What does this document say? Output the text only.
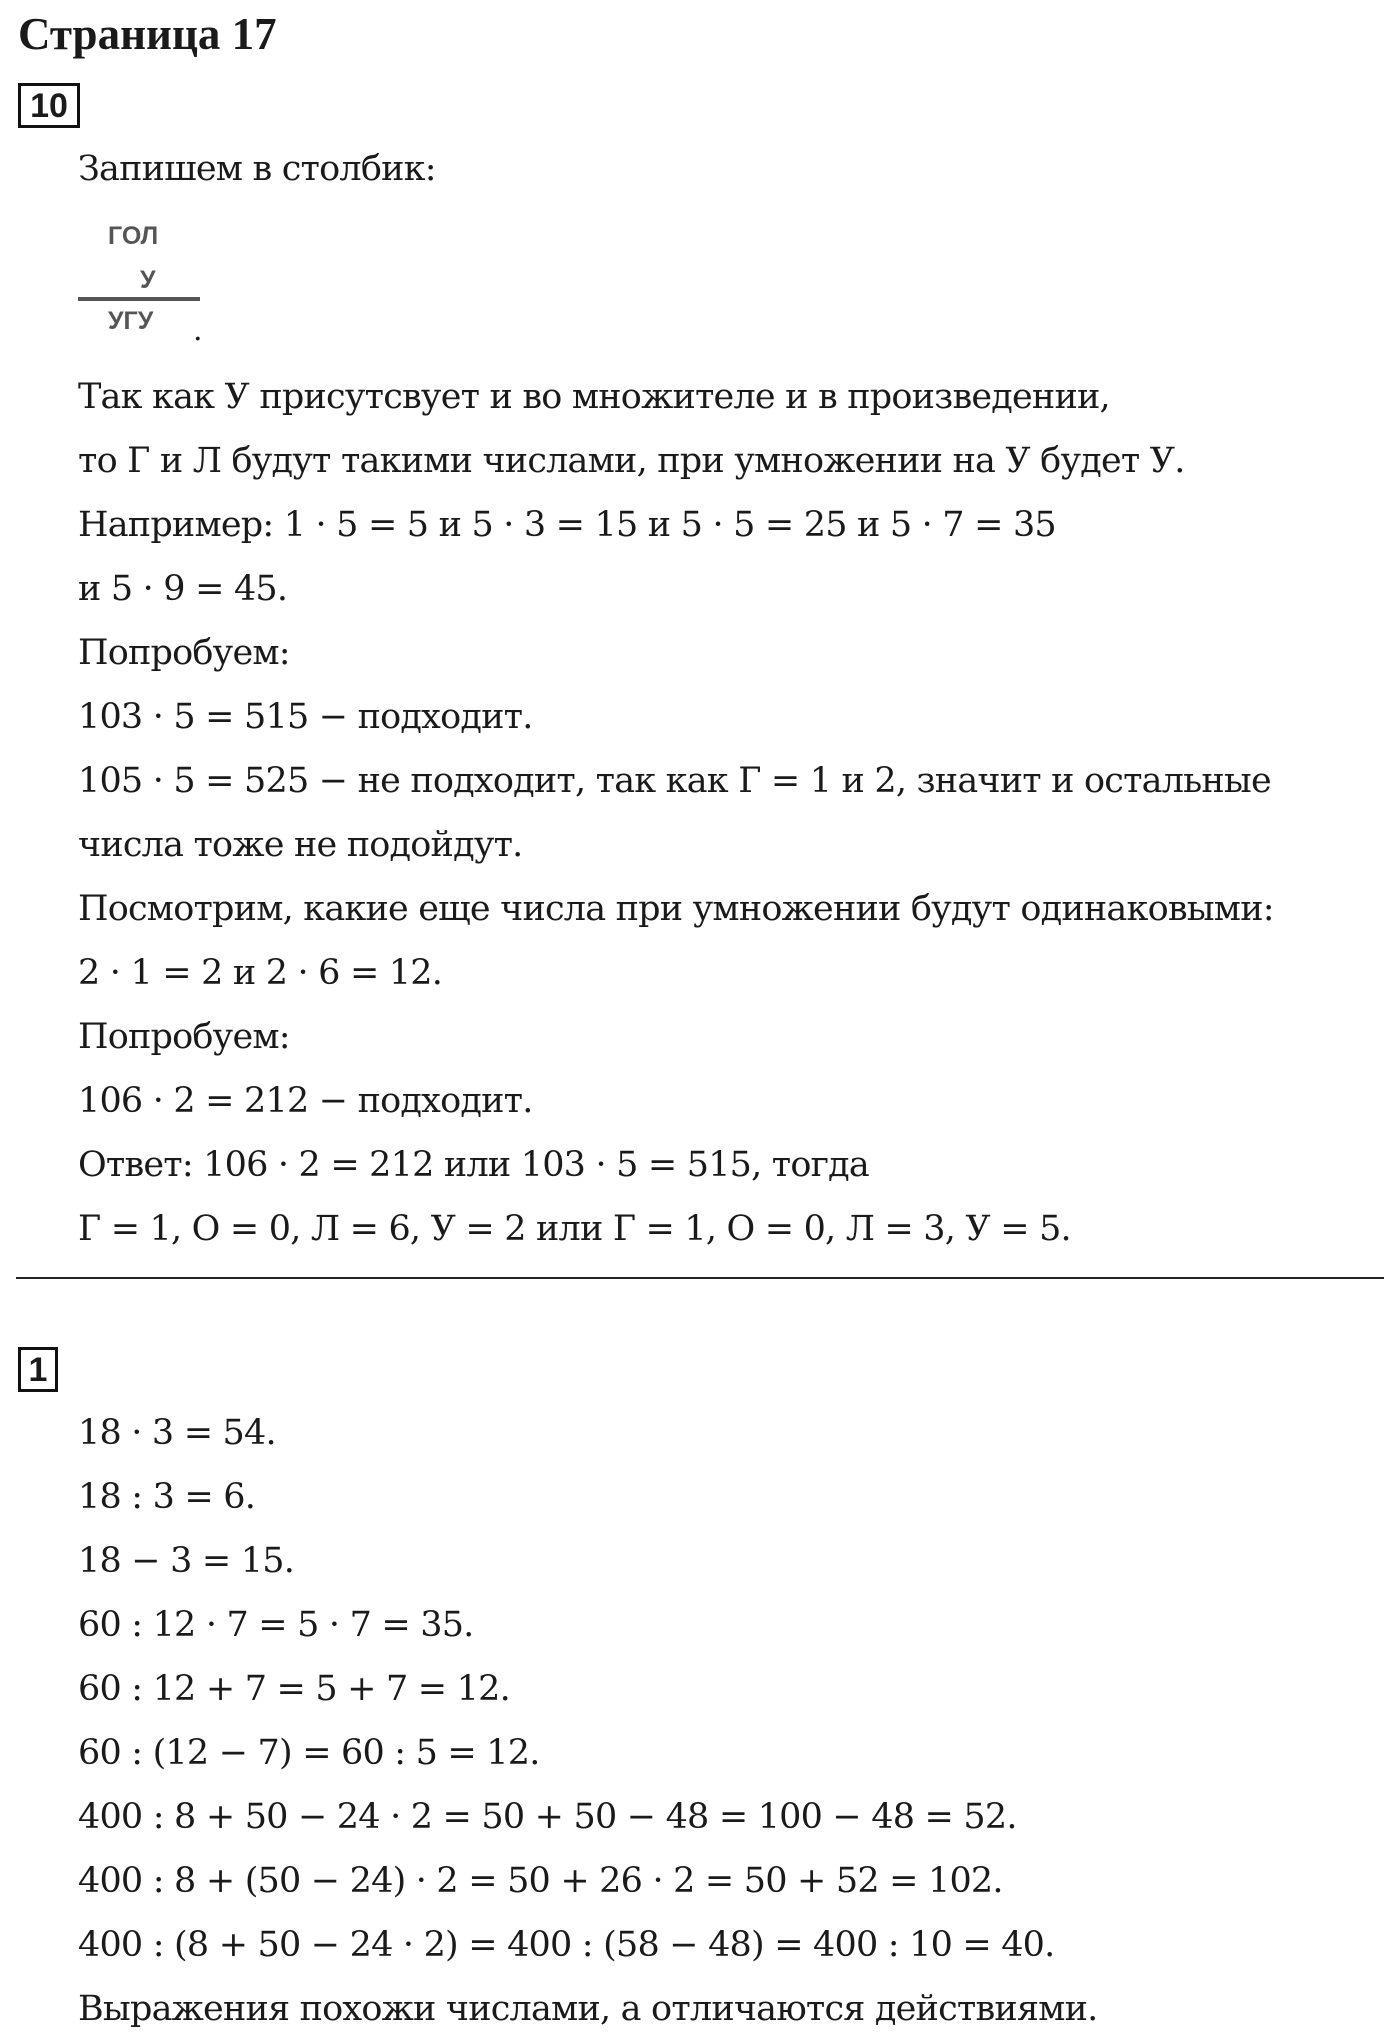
Страница 17
10
Запишем в столбик:
ГОЛ
У
УГУ .
Так как У присутсвует и во множителе и в произведении,
то Г и Л будут такими числами, при умножении на У будет У.
Например: 1 · 5 = 5 и 5 · 3 = 15 и 5 · 5 = 25 и 5 · 7 = 35
и 5 · 9 = 45.
Попробуем:
103 · 5 = 515 − подходит.
105 · 5 = 525 − не подходит, так как Г = 1 и 2, значит и остальные
числа тоже не подойдут.
Посмотрим, какие еще числа при умножении будут одинаковыми:
2 · 1 = 2 и 2 · 6 = 12.
Попробуем:
106 · 2 = 212 − подходит.
Ответ: 106 · 2 = 212 или 103 · 5 = 515, тогда
Г = 1, О = 0, Л = 6, У = 2 или Г = 1, О = 0, Л = 3, У = 5.
1
18 · 3 = 54.
18 : 3 = 6.
18 − 3 = 15.
60 : 12 · 7 = 5 · 7 = 35.
60 : 12 + 7 = 5 + 7 = 12.
60 : (12 − 7) = 60 : 5 = 12.
400 : 8 + 50 − 24 · 2 = 50 + 50 − 48 = 100 − 48 = 52.
400 : 8 + (50 − 24) · 2 = 50 + 26 · 2 = 50 + 52 = 102.
400 : (8 + 50 − 24 · 2) = 400 : (58 − 48) = 400 : 10 = 40.
Выражения похожи числами, а отличаются действиями.
